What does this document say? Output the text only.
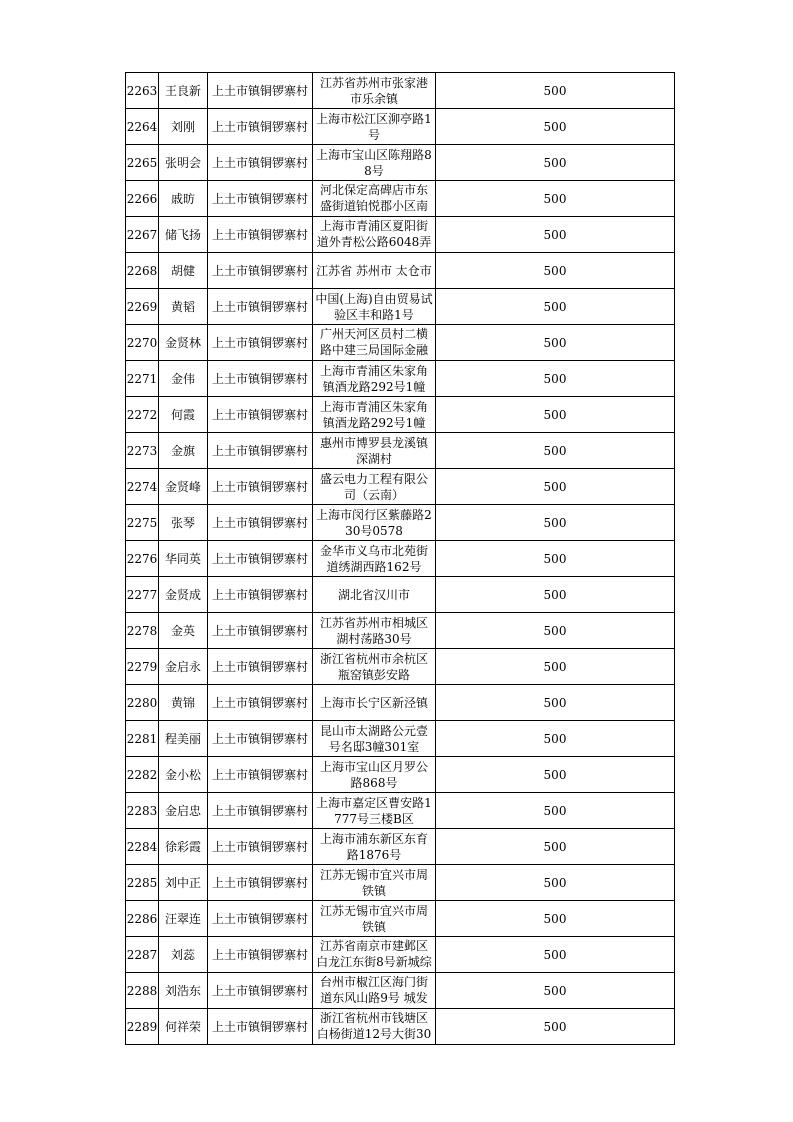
2263	王良新	上土市镇铜锣寨村	江苏省苏州市张家港市乐余镇	500
2264	刘刚	上土市镇铜锣寨村	上海市松江区泖亭路1号	500
2265	张明会	上土市镇铜锣寨村	上海市宝山区陈翔路88号	500
2266	戚昉	上土市镇铜锣寨村	河北保定高碑店市东盛街道铂悦郡小区南	500
2267	储飞扬	上土市镇铜锣寨村	上海市青浦区夏阳街道外青松公路6048弄	500
2268	胡健	上土市镇铜锣寨村	江苏省 苏州市 太仓市	500
2269	黄韬	上土市镇铜锣寨村	中国(上海)自由贸易试验区丰和路1号	500
2270	金贤林	上土市镇铜锣寨村	广州天河区员村二横路中建三局国际金融	500
2271	金伟	上土市镇铜锣寨村	上海市青浦区朱家角镇酒龙路292号1幢	500
2272	何霞	上土市镇铜锣寨村	上海市青浦区朱家角镇酒龙路292号1幢	500
2273	金旗	上土市镇铜锣寨村	惠州市博罗县龙溪镇深湖村	500
2274	金贤峰	上土市镇铜锣寨村	盛云电力工程有限公司（云南）	500
2275	张琴	上土市镇铜锣寨村	上海市闵行区紫藤路230号0578	500
2276	华同英	上土市镇铜锣寨村	金华市义乌市北苑街道绣湖西路162号	500
2277	金贤成	上土市镇铜锣寨村	湖北省汉川市	500
2278	金英	上土市镇铜锣寨村	江苏省苏州市相城区湖村荡路30号	500
2279	金启永	上土市镇铜锣寨村	浙江省杭州市余杭区瓶窑镇彭安路	500
2280	黄锦	上土市镇铜锣寨村	上海市长宁区新泾镇	500
2281	程美丽	上土市镇铜锣寨村	昆山市太湖路公元壹号名邸3幢301室	500
2282	金小松	上土市镇铜锣寨村	上海市宝山区月罗公路868号	500
2283	金启忠	上土市镇铜锣寨村	上海市嘉定区曹安路1777号三楼B区	500
2284	徐彩霞	上土市镇铜锣寨村	上海市浦东新区东育路1876号	500
2285	刘中正	上土市镇铜锣寨村	江苏无锡市宜兴市周铁镇	500
2286	汪翠连	上土市镇铜锣寨村	江苏无锡市宜兴市周铁镇	500
2287	刘蕊	上土市镇铜锣寨村	江苏省南京市建邺区白龙江东街8号新城综	500
2288	刘浩东	上土市镇铜锣寨村	台州市椒江区海门街道东风山路9号 城发	500
2289	何祥荣	上土市镇铜锣寨村	浙江省杭州市钱塘区白杨街道12号大街30	500
